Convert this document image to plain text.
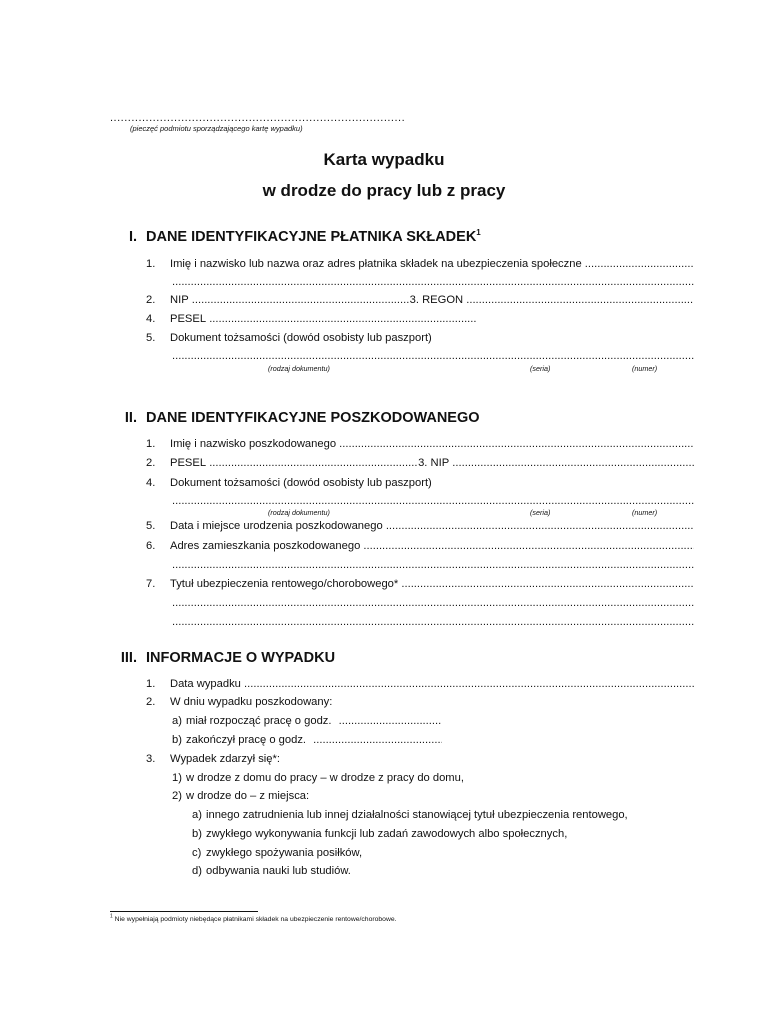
...................................................................................
(pieczęć podmiotu sporządzającego kartę wypadku)
Karta wypadku
w drodze do pracy lub z pracy
I. DANE IDENTYFIKACYJNE PŁATNIKA SKŁADEK$^1$
1.	Imię i nazwisko lub nazwa oraz adres płatnika składek na ubezpieczenia społeczne
.....
.....
2.	NIP .....	3. REGON
.....
4.	PESEL
.....
5.	Dokument tożsamości (dowód osobisty lub paszport)
.....
(rodzaj dokumentu)	(seria)	(numer)
II. DANE IDENTYFIKACYJNE POSZKODOWANEGO
1.	Imię i nazwisko poszkodowanego
.....
2.	PESEL .....	3. NIP
.....
4.	Dokument tożsamości (dowód osobisty lub paszport)
.....
(rodzaj dokumentu)	(seria)	(numer)
5.	Data i miejsce urodzenia poszkodowanego
.....
6.	Adres zamieszkania poszkodowanego
.....
.....
7.	Tytuł ubezpieczenia rentowego/chorobowego*
.....
.....
.....
III. INFORMACJE O WYPADKU
1.	Data wypadku
.....
2.	W dniu wypadku poszkodowany:
a) miał rozpocząć pracę o godz.
.....
b) zakończył pracę o godz.
.....
3.	Wypadek zdarzył się*:
1) w drodze z domu do pracy – w drodze z pracy do domu,
2) w drodze do – z miejsca:
a) innego zatrudnienia lub innej działalności stanowiącej tytuł ubezpieczenia rentowego,
b) zwykłego wykonywania funkcji lub zadań zawodowych albo społecznych,
c) zwykłego spożywania posiłków,
d) odbywania nauki lub studiów.
$^1$ Nie wypełniają podmioty niebędące płatnikami składek na ubezpieczenie rentowe/chorobowe.
